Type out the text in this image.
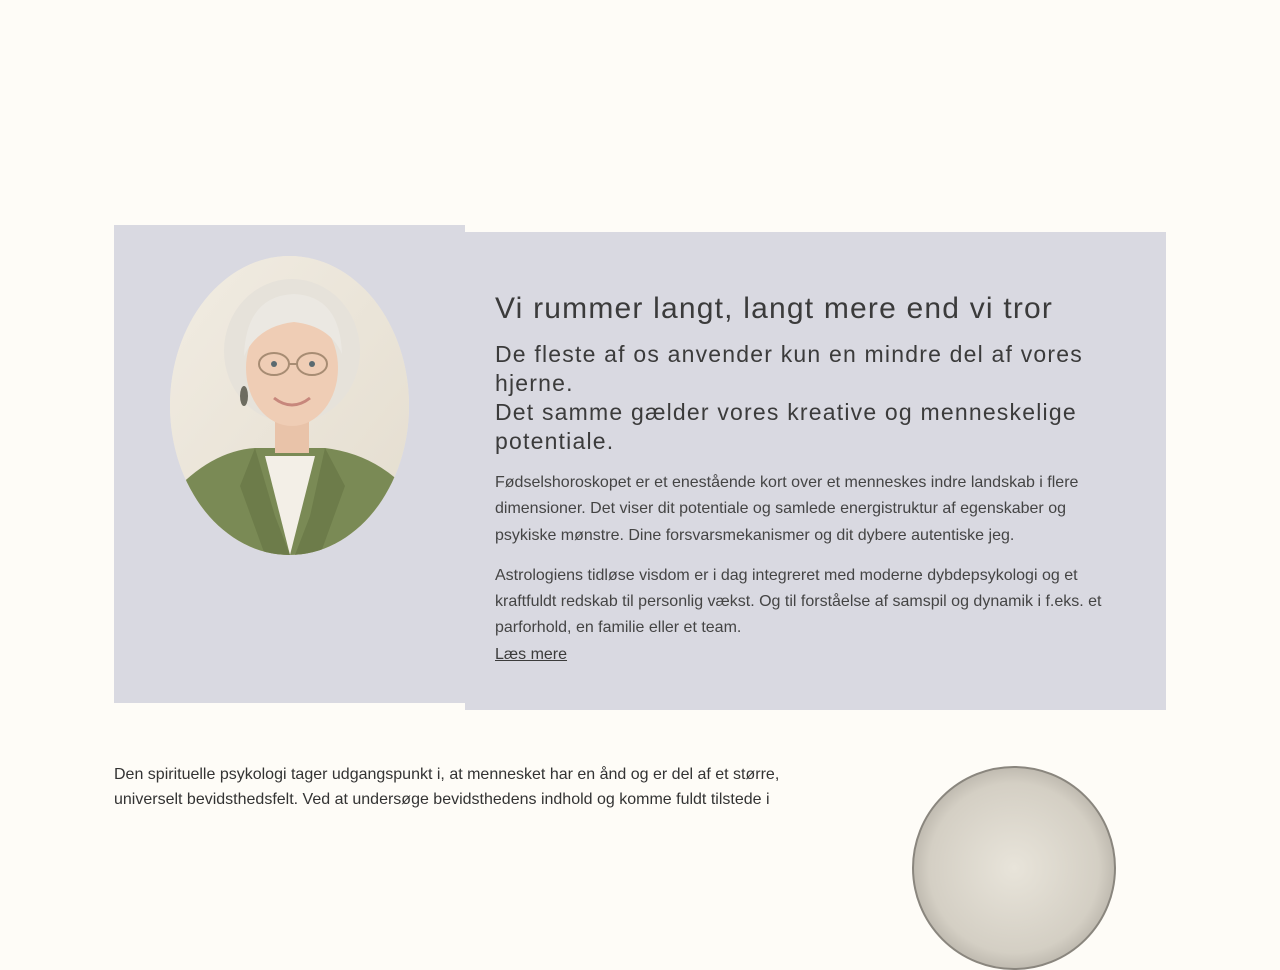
Vi rummer langt, langt mere end vi tror
De fleste af os anvender kun en mindre del af vores hjerne.
Det samme gælder vores kreative og menneskelige potentiale.

Fødselshoroskopet er et enestående kort over et menneskes indre landskab i flere dimensioner. Det viser dit potentiale og samlede energistruktur af egenskaber og psykiske mønstre. Dine forsvarsmekanismer og dit dybere autentiske jeg.

Astrologiens tidløse visdom er i dag integreret med moderne dybdepsykologi og et kraftfuldt redskab til personlig vækst. Og til forståelse af samspil og dynamik i f.eks. et parforhold, en familie eller et team.

Læs mere

Den spirituelle psykologi tager udgangspunkt i, at mennesket har en ånd og er del af et større, universelt bevidsthedsfelt. Ved at undersøge bevidsthedens indhold og komme fuldt tilstede i
